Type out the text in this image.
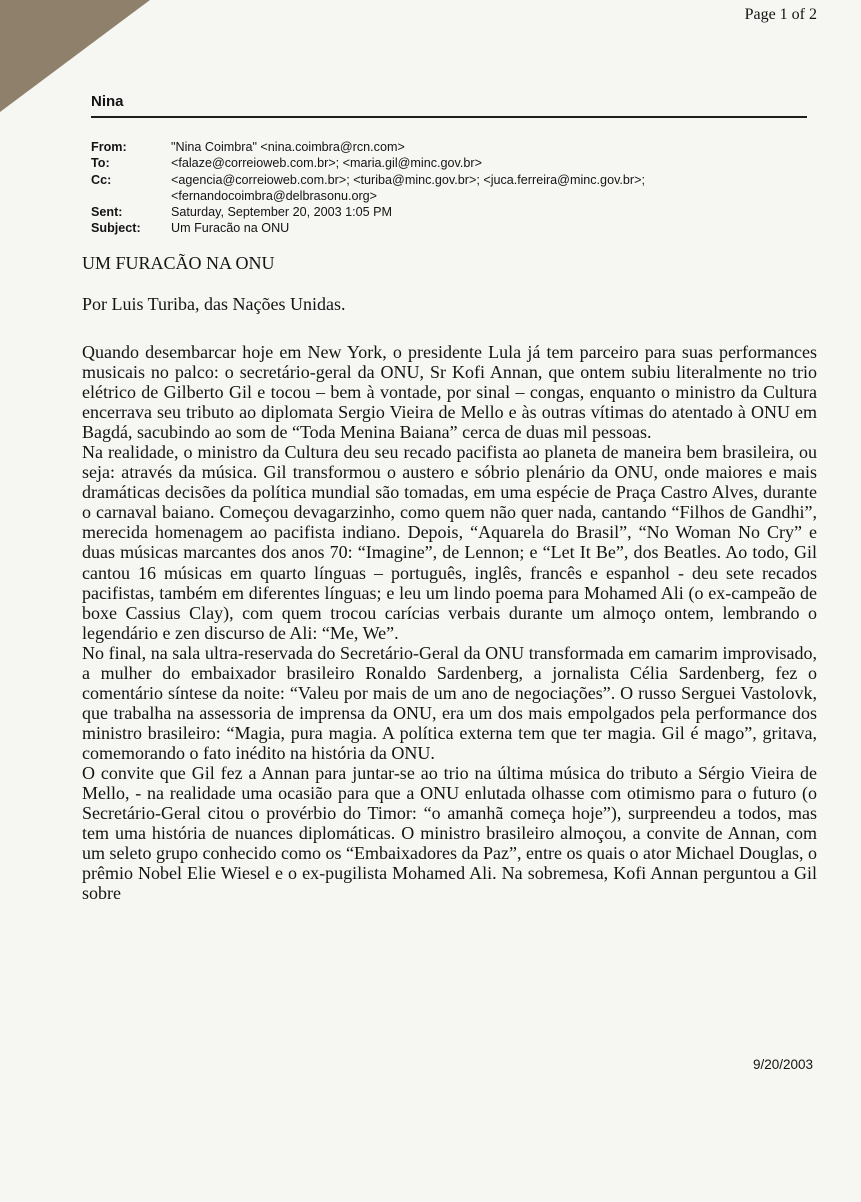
Page 1 of 2
Nina
From:	"Nina Coimbra" <nina.coimbra@rcn.com>
To:	<falaze@correioweb.com.br>; <maria.gil@minc.gov.br>
Cc:	<agencia@correioweb.com.br>; <turiba@minc.gov.br>; <juca.ferreira@minc.gov.br>;
<fernandocoimbra@delbrasonu.org>
Sent:	Saturday, September 20, 2003 1:05 PM
Subject:	Um Furacão na ONU
UM FURACÃO NA ONU
Por Luis Turiba, das Nações Unidas.

Quando desembarcar hoje em New York, o presidente Lula já tem parceiro para suas performances musicais no palco: o secretário-geral da ONU, Sr Kofi Annan, que ontem subiu literalmente no trio elétrico de Gilberto Gil e tocou – bem à vontade, por sinal – congas, enquanto o ministro da Cultura encerrava seu tributo ao diplomata Sergio Vieira de Mello e às outras vítimas do atentado à ONU em Bagdá, sacubindo ao som de “Toda Menina Baiana” cerca de duas mil pessoas.

Na realidade, o ministro da Cultura deu seu recado pacifista ao planeta de maneira bem brasileira, ou seja: através da música. Gil transformou o austero e sóbrio plenário da ONU, onde maiores e mais dramáticas decisões da política mundial são tomadas, em uma espécie de Praça Castro Alves, durante o carnaval baiano. Começou devagarzinho, como quem não quer nada, cantando “Filhos de Gandhi”, merecida homenagem ao pacifista indiano. Depois, “Aquarela do Brasil”, “No Woman No Cry” e duas músicas marcantes dos anos 70: “Imagine”, de Lennon; e “Let It Be”, dos Beatles. Ao todo, Gil cantou 16 músicas em quarto línguas – português, inglês, francês e espanhol - deu sete recados pacifistas, também em diferentes línguas; e leu um lindo poema para Mohamed Ali (o ex-campeão de boxe Cassius Clay), com quem trocou carícias verbais durante um almoço ontem, lembrando o legendário e zen discurso de Ali: “Me, We”.

No final, na sala ultra-reservada do Secretário-Geral da ONU transformada em camarim improvisado, a mulher do embaixador brasileiro Ronaldo Sardenberg, a jornalista Célia Sardenberg, fez o comentário síntese da noite: “Valeu por mais de um ano de negociações”. O russo Serguei Vastolovk, que trabalha na assessoria de imprensa da ONU, era um dos mais empolgados pela performance dos ministro brasileiro: “Magia, pura magia. A política externa tem que ter magia. Gil é mago”, gritava, comemorando o fato inédito na história da ONU.

O convite que Gil fez a Annan para juntar-se ao trio na última música do tributo a Sérgio Vieira de Mello, - na realidade uma ocasião para que a ONU enlutada olhasse com otimismo para o futuro (o Secretário-Geral citou o provérbio do Timor: “o amanhã começa hoje”), surpreendeu a todos, mas tem uma história de nuances diplomáticas. O ministro brasileiro almoçou, a convite de Annan, com um seleto grupo conhecido como os “Embaixadores da Paz”, entre os quais o ator Michael Douglas, o prêmio Nobel Elie Wiesel e o ex-pugilista Mohamed Ali. Na sobremesa, Kofi Annan perguntou a Gil sobre

9/20/2003
